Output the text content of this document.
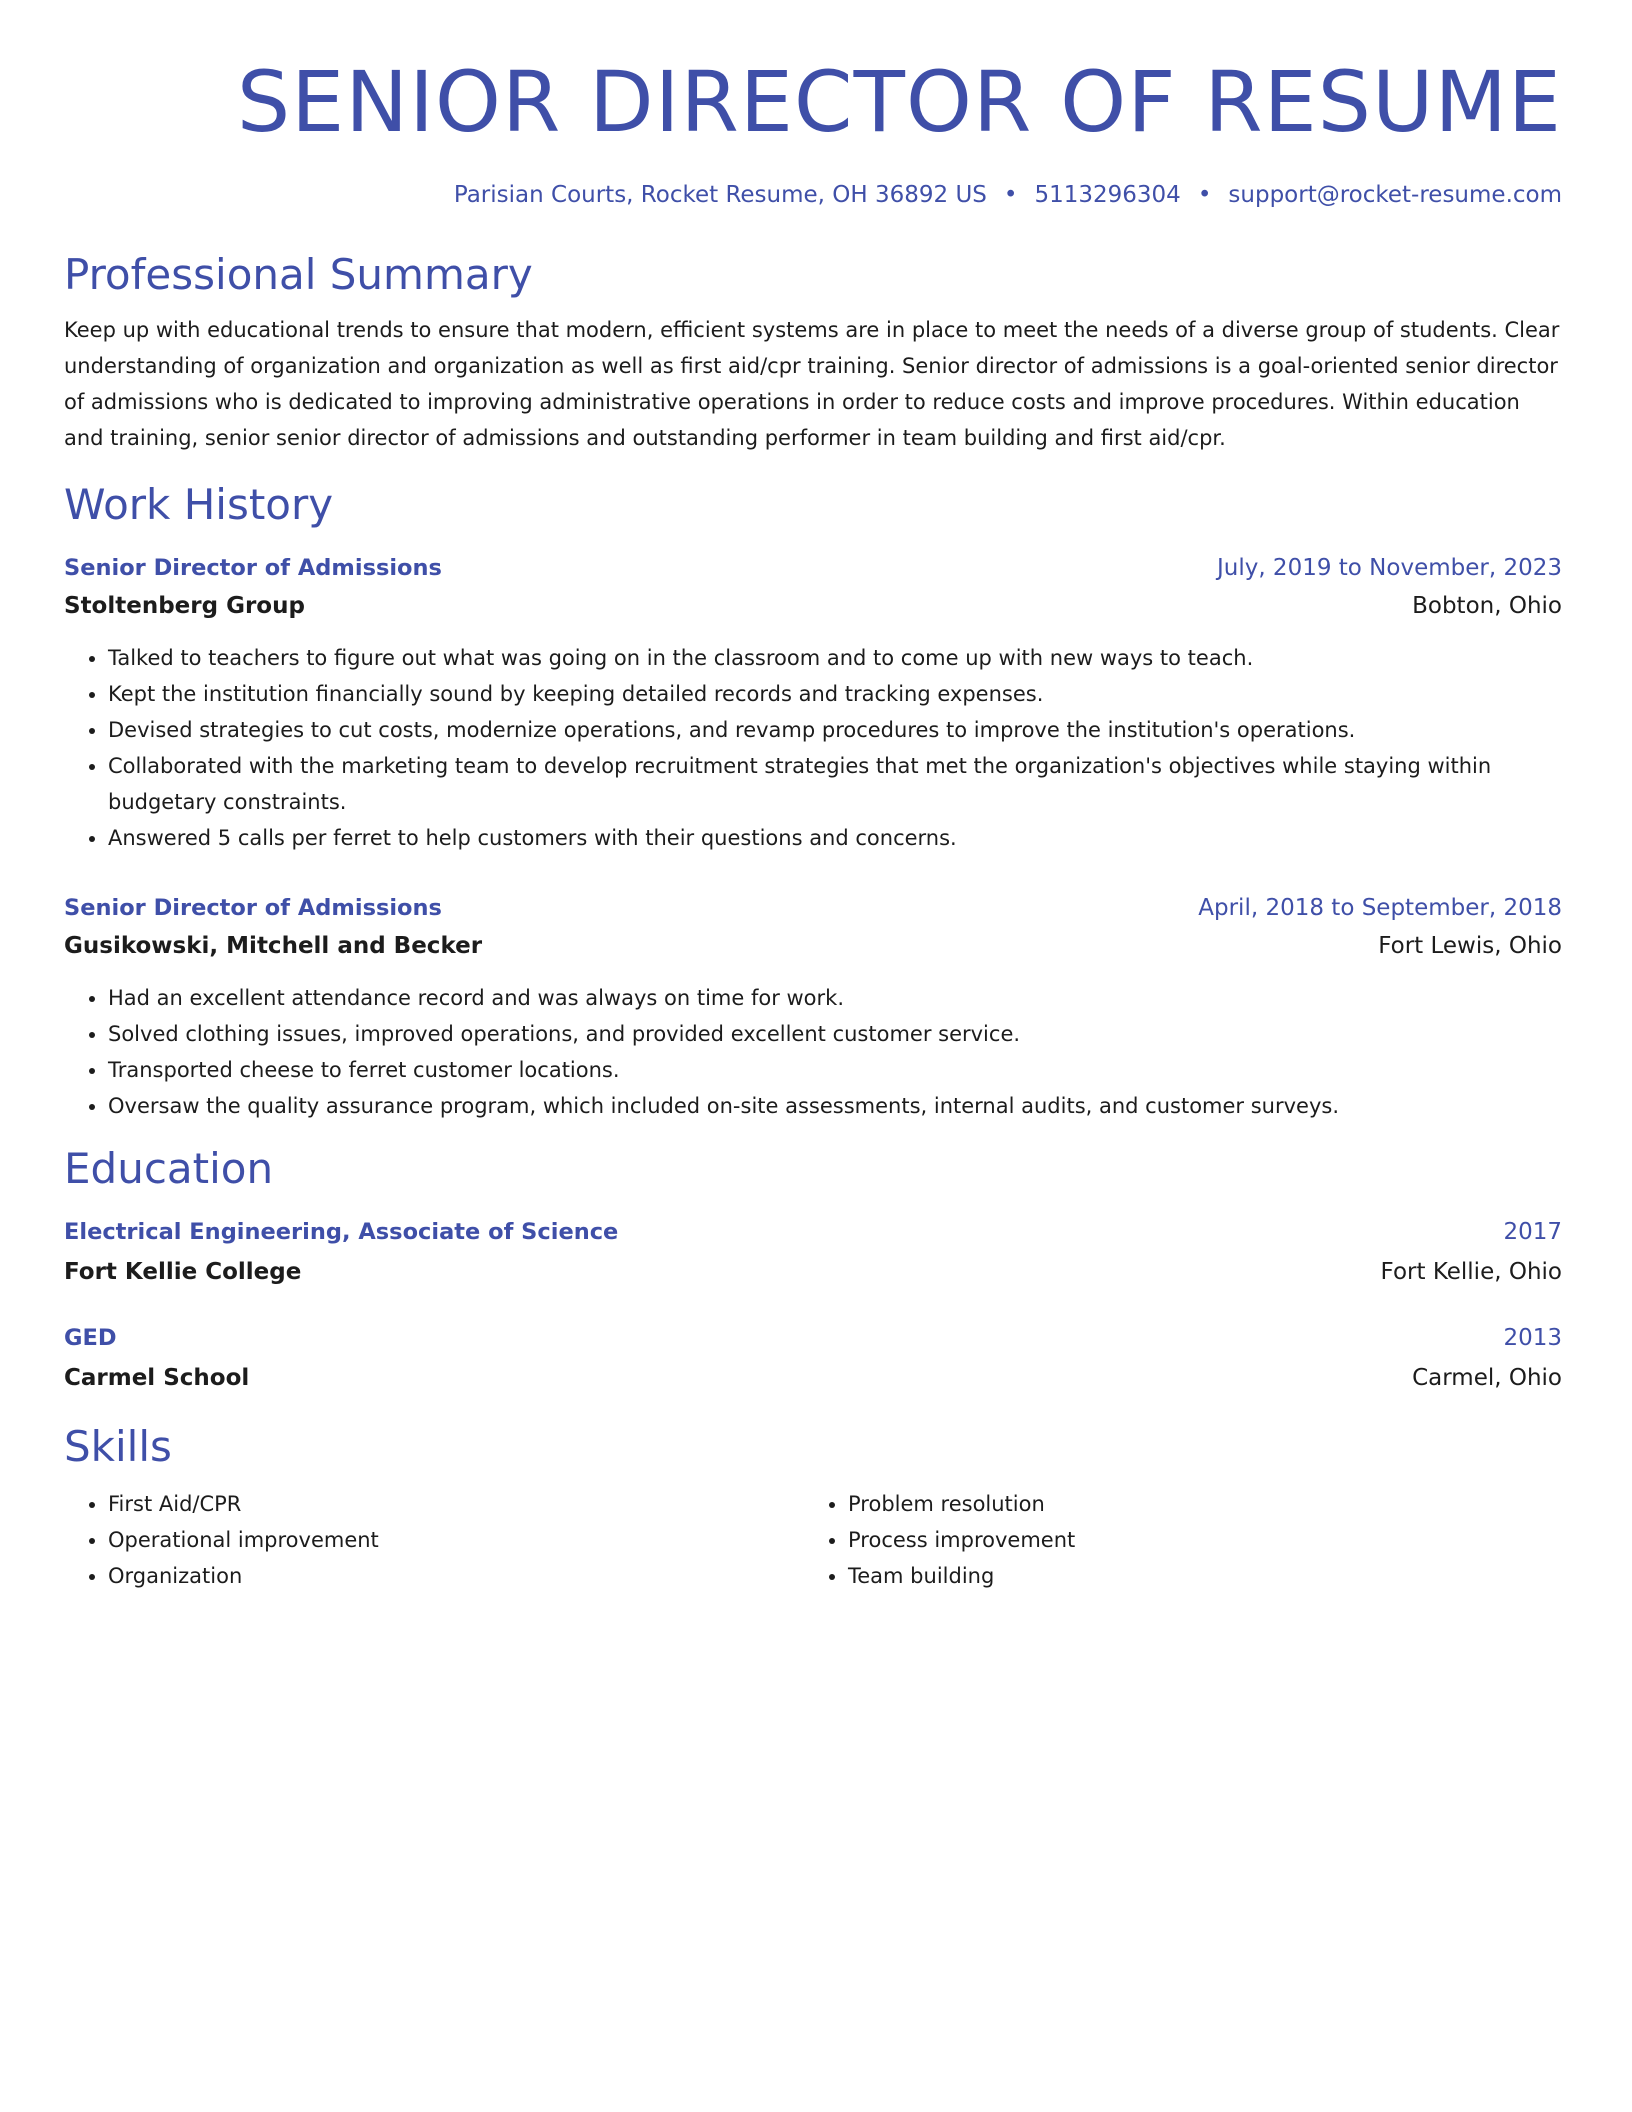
SENIOR DIRECTOR OF RESUME
Parisian Courts, Rocket Resume, OH 36892 US • 5113296304 • support@rocket-resume.com
Professional Summary

Keep up with educational trends to ensure that modern, efficient systems are in place to meet the needs of a diverse group of students. Clear understanding of organization and organization as well as first aid/cpr training. Senior director of admissions is a goal-oriented senior director of admissions who is dedicated to improving administrative operations in order to reduce costs and improve procedures. Within education and training, senior senior director of admissions and outstanding performer in team building and first aid/cpr.

Work History
Senior Director of Admissions	July, 2019 to November, 2023
Stoltenberg Group	Bobton, Ohio
• Talked to teachers to figure out what was going on in the classroom and to come up with new ways to teach.
• Kept the institution financially sound by keeping detailed records and tracking expenses.
• Devised strategies to cut costs, modernize operations, and revamp procedures to improve the institution's operations.
• Collaborated with the marketing team to develop recruitment strategies that met the organization's objectives while staying within budgetary constraints.
• Answered 5 calls per ferret to help customers with their questions and concerns.
Senior Director of Admissions	April, 2018 to September, 2018
Gusikowski, Mitchell and Becker	Fort Lewis, Ohio
• Had an excellent attendance record and was always on time for work.
• Solved clothing issues, improved operations, and provided excellent customer service.
• Transported cheese to ferret customer locations.
• Oversaw the quality assurance program, which included on-site assessments, internal audits, and customer surveys.
Education
Electrical Engineering, Associate of Science	2017
Fort Kellie College	Fort Kellie, Ohio
GED	2013
Carmel School	Carmel, Ohio
Skills
• First Aid/CPR
• Operational improvement
• Organization
• Problem resolution
• Process improvement
• Team building
